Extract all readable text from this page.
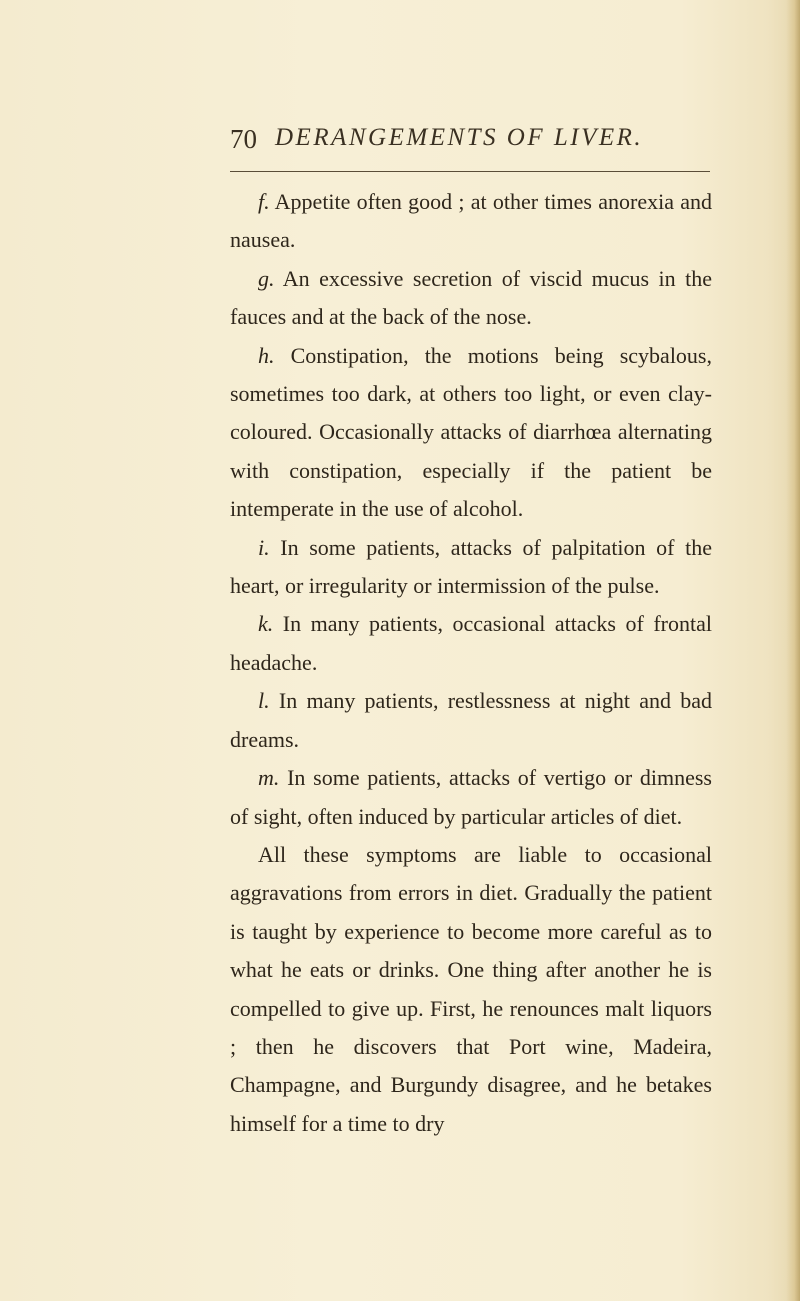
70 DERANGEMENTS OF LIVER.

f. Appetite often good ; at other times anorexia and nausea.

g. An excessive secretion of viscid mucus in the fauces and at the back of the nose.

h. Constipation, the motions being scybalous, sometimes too dark, at others too light, or even clay-coloured. Occasionally attacks of diarrhœa alternating with constipation, especially if the patient be intemperate in the use of alcohol.

i. In some patients, attacks of palpitation of the heart, or irregularity or intermission of the pulse.

k. In many patients, occasional attacks of frontal headache.

l. In many patients, restlessness at night and bad dreams.

m. In some patients, attacks of vertigo or dimness of sight, often induced by particular articles of diet.

All these symptoms are liable to occasional aggravations from errors in diet. Gradually the patient is taught by experience to become more careful as to what he eats or drinks. One thing after another he is compelled to give up. First, he renounces malt liquors ; then he discovers that Port wine, Madeira, Champagne, and Burgundy disagree, and he betakes himself for a time to dry
